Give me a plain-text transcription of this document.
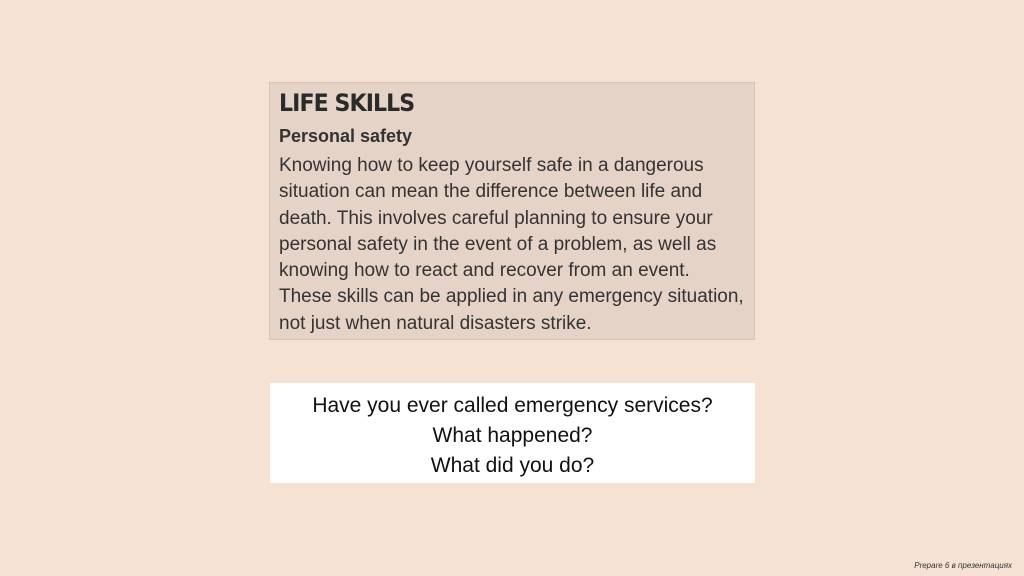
LIFE SKILLS
Personal safety

Knowing how to keep yourself safe in a dangerous situation can mean the difference between life and death. This involves careful planning to ensure your personal safety in the event of a problem, as well as knowing how to react and recover from an event. These skills can be applied in any emergency situation, not just when natural disasters strike.

Have you ever called emergency services?
What happened?
What did you do?
Prepare 6 в презентациях
